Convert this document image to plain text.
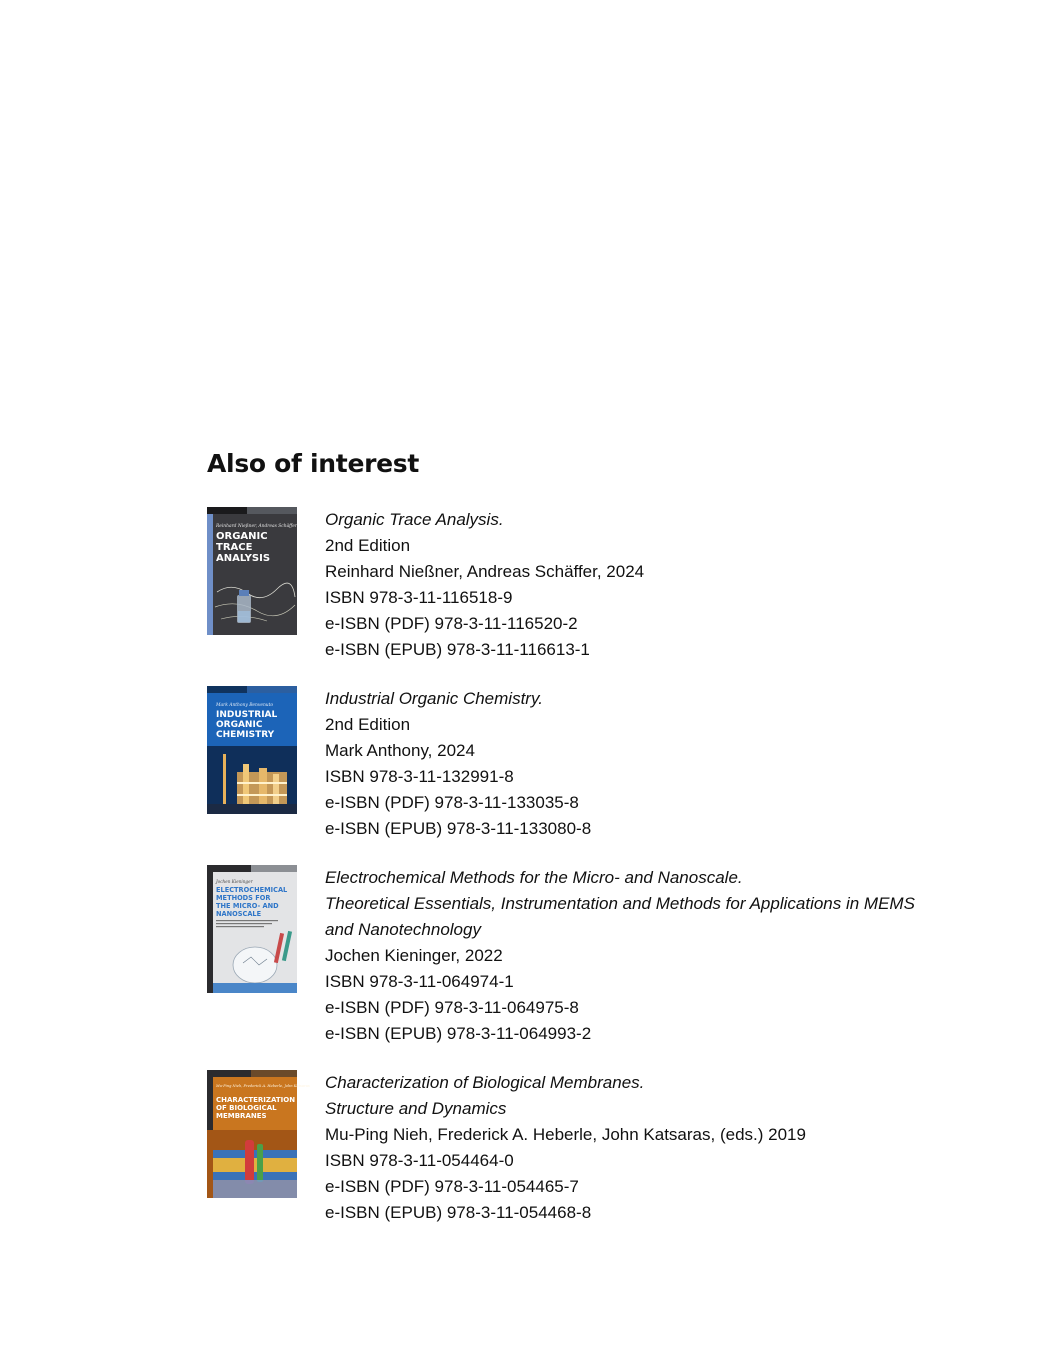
Also of interest
Reinhard Nießner, Andreas Schäffer
ORGANIC
TRACE
ANALYSIS
Organic Trace Analysis.
2nd Edition
Reinhard Nießner, Andreas Schäffer, 2024
ISBN 978-3-11-116518-9
e-ISBN (PDF) 978-3-11-116520-2
e-ISBN (EPUB) 978-3-11-116613-1
Mark Anthony Benvenuto
INDUSTRIAL
ORGANIC
CHEMISTRY
Industrial Organic Chemistry.
2nd Edition
Mark Anthony, 2024
ISBN 978-3-11-132991-8
e-ISBN (PDF) 978-3-11-133035-8
e-ISBN (EPUB) 978-3-11-133080-8
Jochen Kieninger
ELECTROCHEMICAL
METHODS FOR
THE MICRO- AND
NANOSCALE
Electrochemical Methods for the Micro- and Nanoscale.
Theoretical Essentials, Instrumentation and Methods for Applications in MEMS
and Nanotechnology
Jochen Kieninger, 2022
ISBN 978-3-11-064974-1
e-ISBN (PDF) 978-3-11-064975-8
e-ISBN (EPUB) 978-3-11-064993-2
Mu-Ping Nieh, Frederick A. Heberle, John Katsaras
CHARACTERIZATION
OF BIOLOGICAL
MEMBRANES
Characterization of Biological Membranes.
Structure and Dynamics
Mu-Ping Nieh, Frederick A. Heberle, John Katsaras, (eds.) 2019
ISBN 978-3-11-054464-0
e-ISBN (PDF) 978-3-11-054465-7
e-ISBN (EPUB) 978-3-11-054468-8
